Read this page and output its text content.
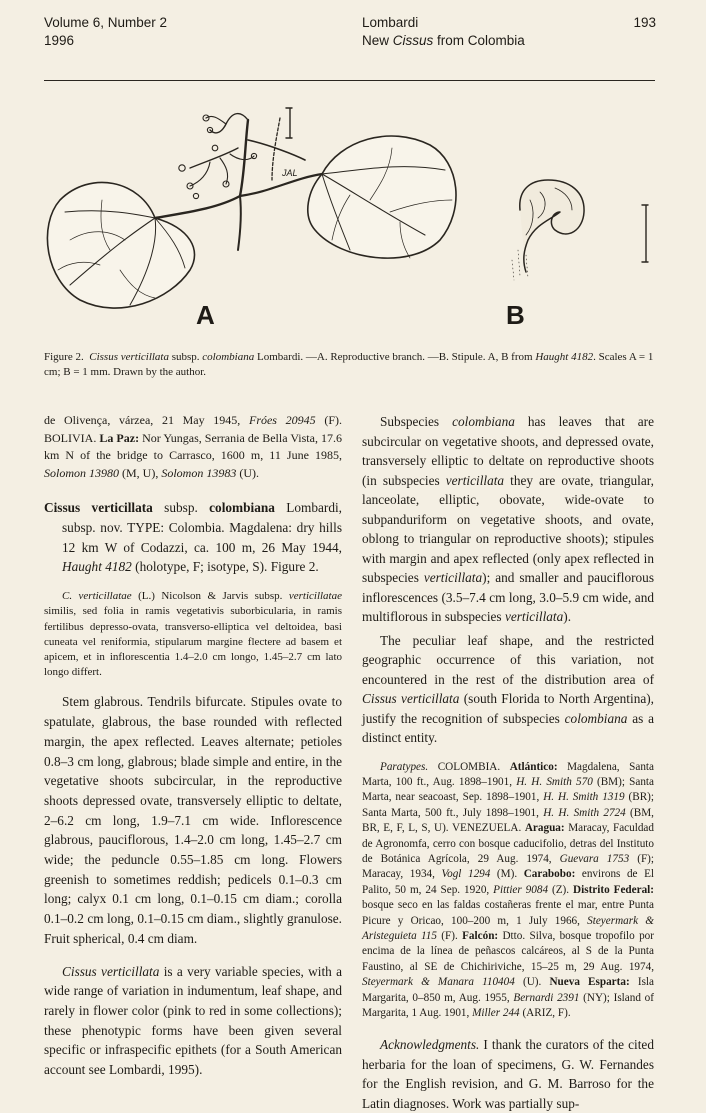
Volume 6, Number 2
1996
Lombardi
New Cissus from Colombia
193
JAL
A	B
Figure 2. Cissus verticillata subsp. colombiana Lombardi. —A. Reproductive branch. —B. Stipule. A, B from Haught 4182. Scales A = 1 cm; B = 1 mm. Drawn by the author.

de Olivença, várzea, 21 May 1945, Fróes 20945 (F). BOLIVIA. La Paz: Nor Yungas, Serrania de Bella Vista, 17.6 km N of the bridge to Carrasco, 1600 m, 11 June 1985, Solomon 13980 (M, U), Solomon 13983 (U).

Cissus verticillata subsp. colombiana Lombardi, subsp. nov. TYPE: Colombia. Magdalena: dry hills 12 km W of Codazzi, ca. 100 m, 26 May 1944, Haught 4182 (holotype, F; isotype, S). Figure 2.

C. verticillatae (L.) Nicolson & Jarvis subsp. verticillatae similis, sed folia in ramis vegetativis suborbicularia, in ramis fertilibus depresso-ovata, transverso-elliptica vel deltoidea, basi cuneata vel reniformia, stipularum margine flectere ad basem et apicem, et in inflorescentia 1.4–2.0 cm longo, 1.45–2.7 cm lato longo differt.

Stem glabrous. Tendrils bifurcate. Stipules ovate to spatulate, glabrous, the base rounded with reflected margin, the apex reflected. Leaves alternate; petioles 0.8–3 cm long, glabrous; blade simple and entire, in the vegetative shoots subcircular, in the reproductive shoots depressed ovate, transversely elliptic to deltate, 2–6.2 cm long, 1.9–7.1 cm wide. Inflorescence glabrous, pauciflorous, 1.4–2.0 cm long, 1.45–2.7 cm wide; the peduncle 0.55–1.85 cm long. Flowers greenish to sometimes reddish; pedicels 0.1–0.3 cm long; calyx 0.1 cm long, 0.1–0.15 cm diam.; corolla 0.1–0.2 cm long, 0.1–0.15 cm diam., slightly granulose. Fruit spherical, 0.4 cm diam.

Cissus verticillata is a very variable species, with a wide range of variation in indumentum, leaf shape, and rarely in flower color (pink to red in some collections); these phenotypic forms have been given several specific or infraspecific epithets (for a South American account see Lombardi, 1995).

Subspecies colombiana has leaves that are subcircular on vegetative shoots, and depressed ovate, transversely elliptic to deltate on reproductive shoots (in subspecies verticillata they are ovate, triangular, lanceolate, elliptic, obovate, wide-ovate to subpanduriform on vegetative shoots, and ovate, oblong to triangular on reproductive shoots); stipules with margin and apex reflected (only apex reflected in subspecies verticillata); and smaller and pauciflorous inflorescences (3.5–7.4 cm long, 3.0–5.9 cm wide, and multiflorous in subspecies verticillata).

The peculiar leaf shape, and the restricted geographic occurrence of this variation, not encountered in the rest of the distribution area of Cissus verticillata (south Florida to North Argentina), justify the recognition of subspecies colombiana as a distinct entity.

Paratypes. COLOMBIA. Atlántico: Magdalena, Santa Marta, 100 ft., Aug. 1898–1901, H. H. Smith 570 (BM); Santa Marta, near seacoast, Sep. 1898–1901, H. H. Smith 1319 (BR); Santa Marta, 500 ft., July 1898–1901, H. H. Smith 2724 (BM, BR, E, F, L, S, U). VENEZUELA. Aragua: Maracay, Faculdad de Agronomfa, cerro con bosque caducifolio, detras del Instituto de Botánica Agrícola, 29 Aug. 1974, Guevara 1753 (F); Maracay, 1934, Vogl 1294 (M). Carabobo: environs de El Palito, 50 m, 24 Sep. 1920, Pittier 9084 (Z). Distrito Federal: bosque seco en las faldas costañeras frente el mar, entre Punta Picure y Oricao, 100–200 m, 1 July 1966, Steyermark & Aristeguieta 115 (F). Falcón: Dtto. Silva, bosque tropofilo por encima de la línea de peñascos calcáreos, al S de la Punta Faustino, al SE de Chichiriviche, 15–25 m, 29 Aug. 1974, Steyermark & Manara 110404 (U). Nueva Esparta: Isla Margarita, 0–850 m, Aug. 1955, Bernardi 2391 (NY); Island of Margarita, 1 Aug. 1901, Miller 244 (ARIZ, F).

Acknowledgments. I thank the curators of the cited herbaria for the loan of specimens, G. W. Fernandes for the English revision, and G. M. Barroso for the Latin diagnoses. Work was partially sup-
